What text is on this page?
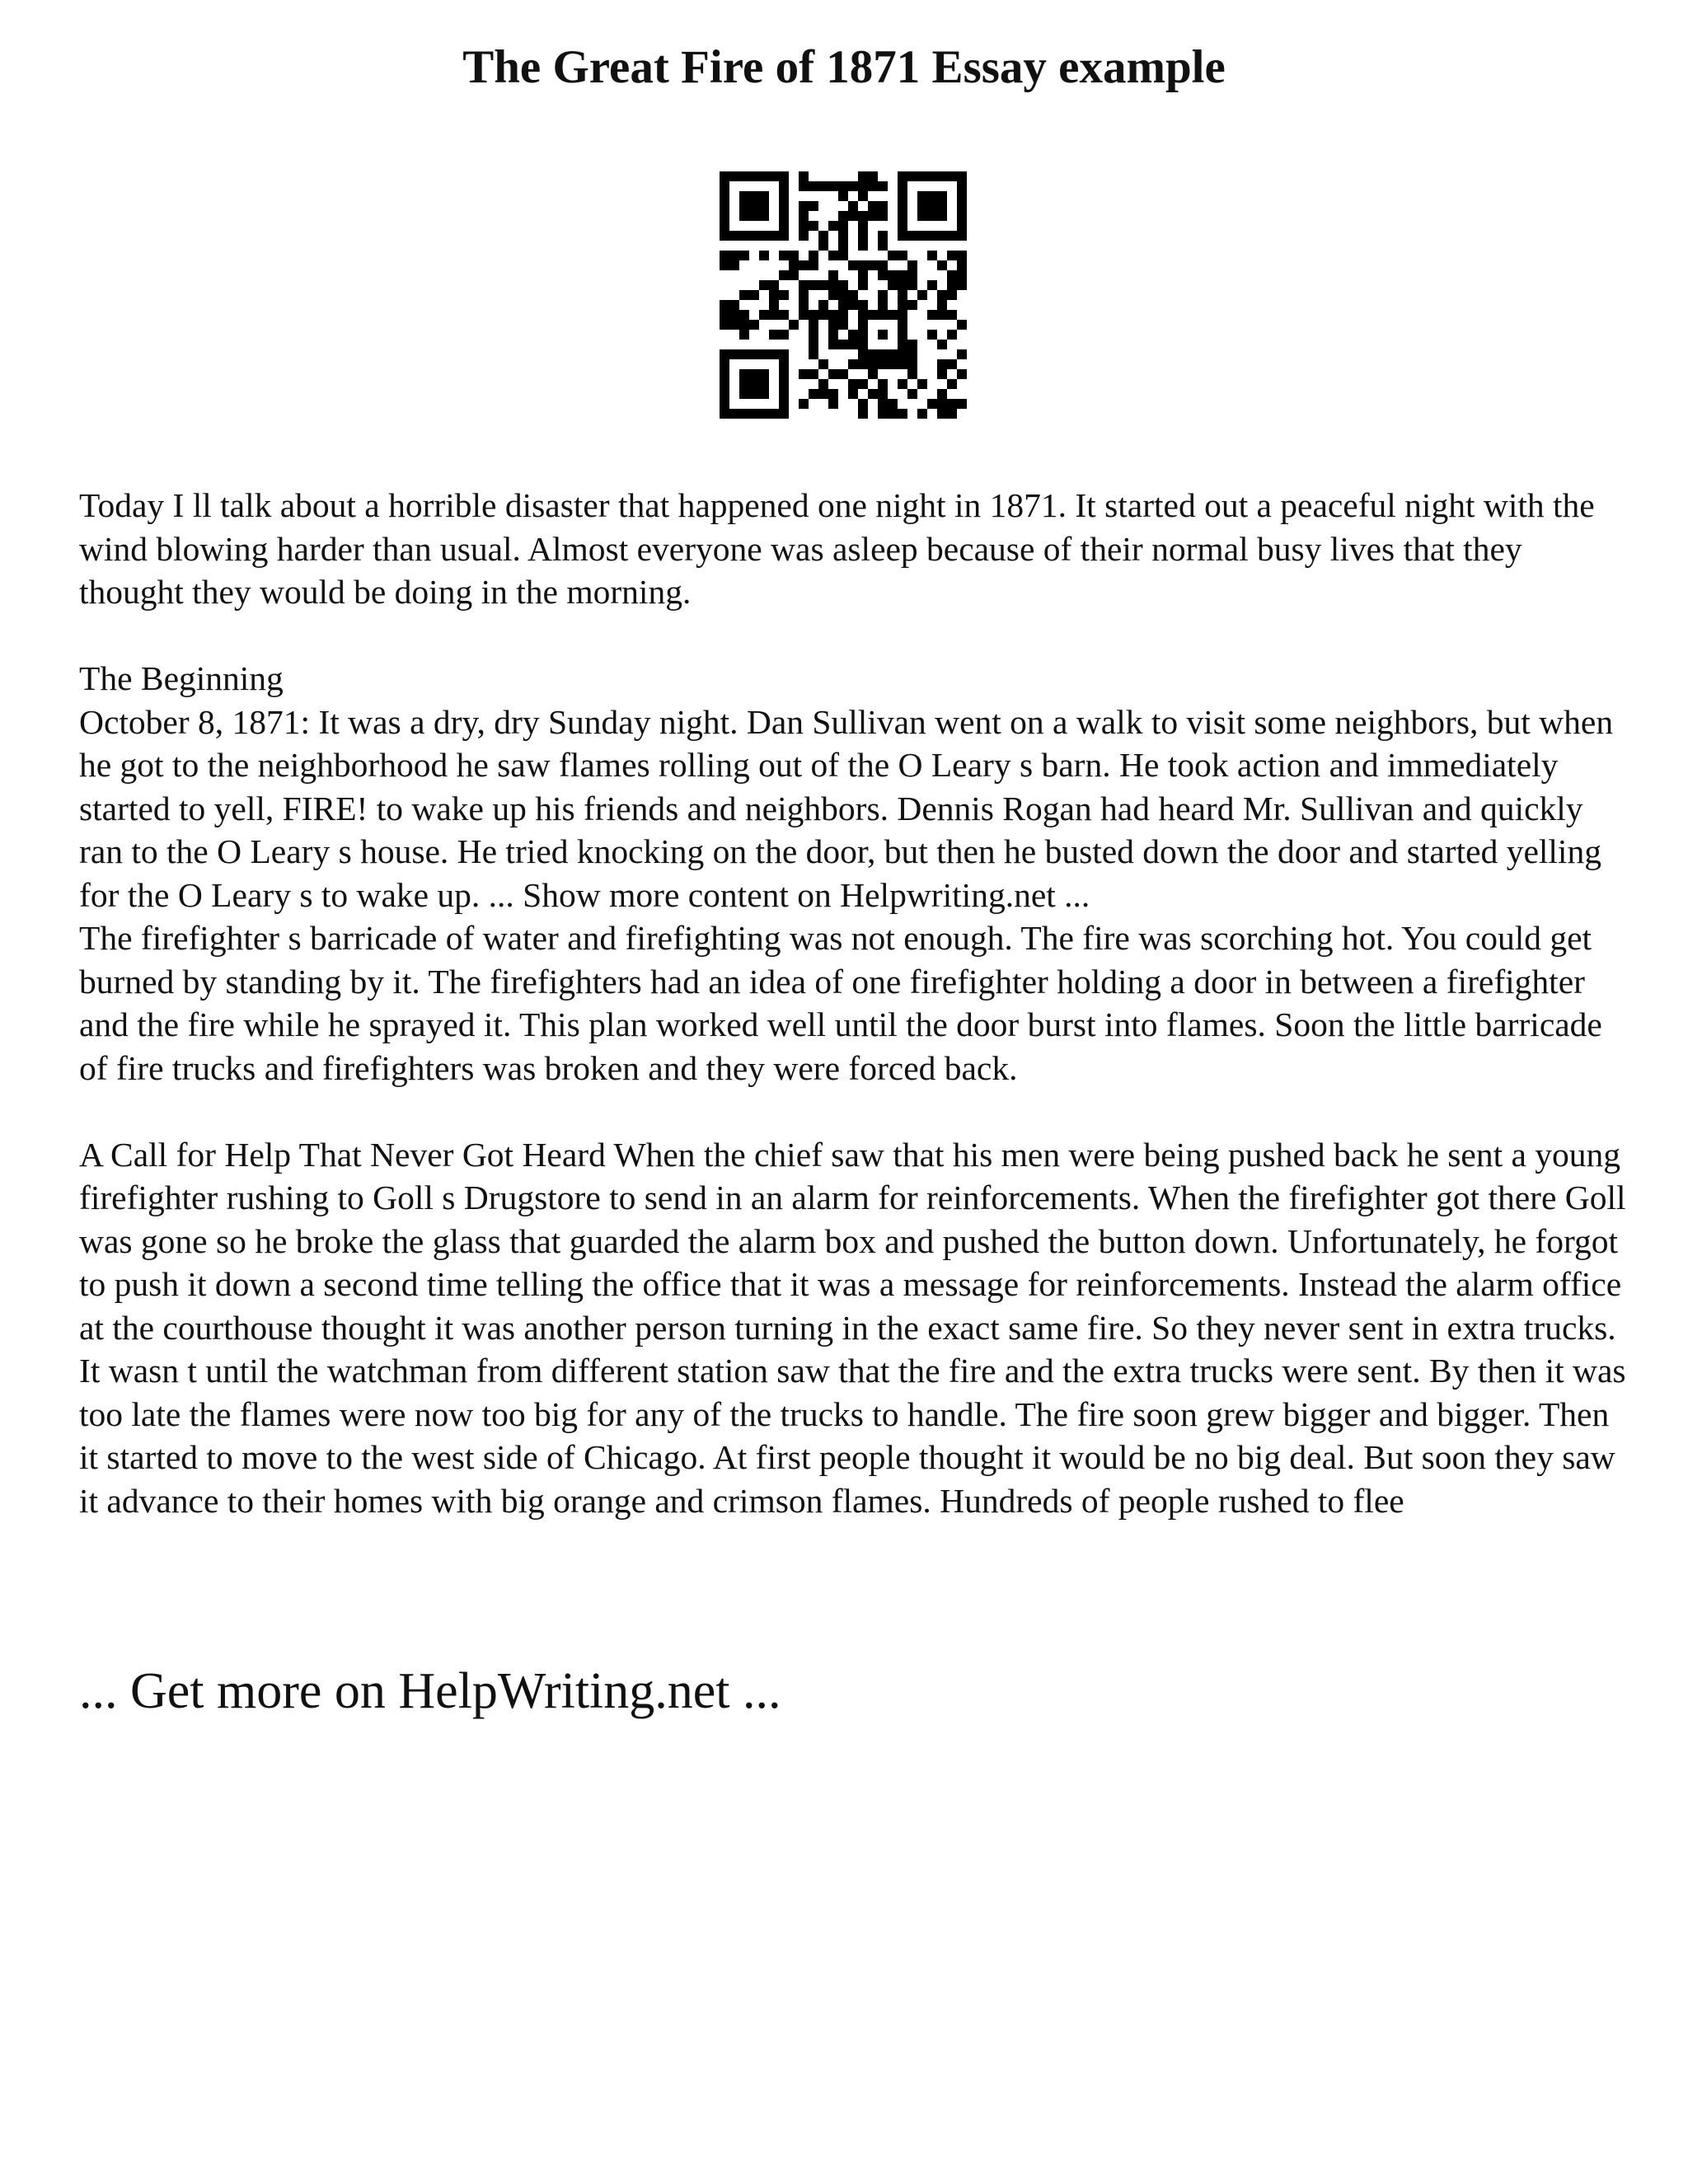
The Great Fire of 1871 Essay example

Today I ll talk about a horrible disaster that happened one night in 1871. It started out a peaceful night with the wind blowing harder than usual. Almost everyone was asleep because of their normal busy lives that they thought they would be doing in the morning.

The Beginning

October 8, 1871: It was a dry, dry Sunday night. Dan Sullivan went on a walk to visit some neighbors, but when he got to the neighborhood he saw flames rolling out of the O Leary s barn. He took action and immediately started to yell, FIRE! to wake up his friends and neighbors. Dennis Rogan had heard Mr. Sullivan and quickly ran to the O Leary s house. He tried knocking on the door, but then he busted down the door and started yelling for the O Leary s to wake up. ... Show more content on Helpwriting.net ...

The firefighter s barricade of water and firefighting was not enough. The fire was scorching hot. You could get burned by standing by it. The firefighters had an idea of one firefighter holding a door in between a firefighter and the fire while he sprayed it. This plan worked well until the door burst into flames. Soon the little barricade of fire trucks and firefighters was broken and they were forced back.

A Call for Help That Never Got Heard When the chief saw that his men were being pushed back he sent a young firefighter rushing to Goll s Drugstore to send in an alarm for reinforcements. When the firefighter got there Goll was gone so he broke the glass that guarded the alarm box and pushed the button down. Unfortunately, he forgot to push it down a second time telling the office that it was a message for reinforcements. Instead the alarm office at the courthouse thought it was another person turning in the exact same fire. So they never sent in extra trucks. It wasn t until the watchman from different station saw that the fire and the extra trucks were sent. By then it was too late the flames were now too big for any of the trucks to handle. The fire soon grew bigger and bigger. Then it started to move to the west side of Chicago. At first people thought it would be no big deal. But soon they saw it advance to their homes with big orange and crimson flames. Hundreds of people rushed to flee

... Get more on HelpWriting.net ...
